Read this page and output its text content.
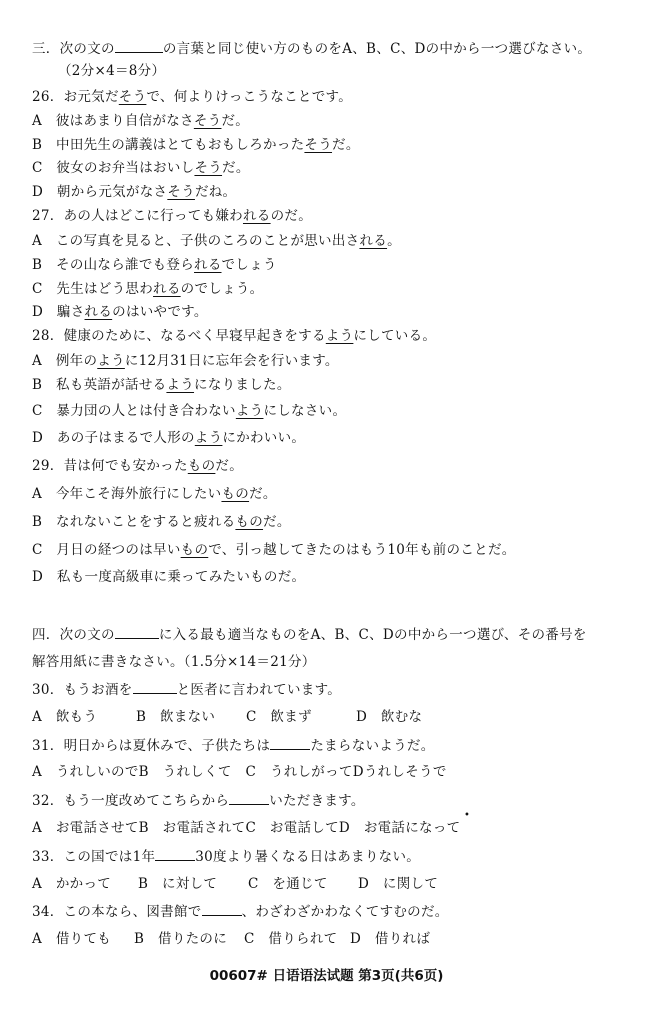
三．次の文の	の言葉と同じ使い方のものをA、B、C、Dの中から一つ選びなさい。
（2分×4＝8分）
26．お元気だそうで、何よりけっこうなことです。
A　彼はあまり自信がなさそうだ。
B　中田先生の講義はとてもおもしろかったそうだ。
C　彼女のお弁当はおいしそうだ。
D　朝から元気がなさそうだね。
27．あの人はどこに行っても嫌われるのだ。
A　この写真を見ると、子供のころのことが思い出される。
B　その山なら誰でも登られるでしょう
C　先生はどう思われるのでしょう。
D　騙されるのはいやです。
28．健康のために、なるべく早寝早起きをするようにしている。
A　例年のように12月31日に忘年会を行います。
B　私も英語が話せるようになりました。
C　暴力団の人とは付き合わないようにしなさい。
D　あの子はまるで人形のようにかわいい。
29．昔は何でも安かったものだ。
A　今年こそ海外旅行にしたいものだ。
B　なれないことをすると疲れるものだ。
C　月日の経つのは早いもので、引っ越してきたのはもう10年も前のことだ。
D　私も一度高級車に乗ってみたいものだ。
四．次の文の	に入る最も適当なものをA、B、C、Dの中から一つ選び、その番号を
解答用紙に書きなさい。（1.5分×14＝21分）
30．もうお酒を	と医者に言われています。
A　飲もう	B　飲まない C　飲まず	D　飲むな
31．明日からは夏休みで、子供たちは	たまらないようだ。
A　うれしいのでB　うれしくて　C　うれしがってDうれしそうで
32．もう一度改めてこちらから	いただきます。
A　お電話させてB　お電話されてC　お電話してD　お電話になって
•
33．この国では1年	30度より暑くなる日はあまりない。
A　かかって B　に対して C　を通じて D　に関して
34．この本なら、図書館で	、わざわざかわなくてすむのだ。
A　借りても B　借りたのに C　借りられて D　借りれば
00607# 日语语法试题 第3页(共6页)
